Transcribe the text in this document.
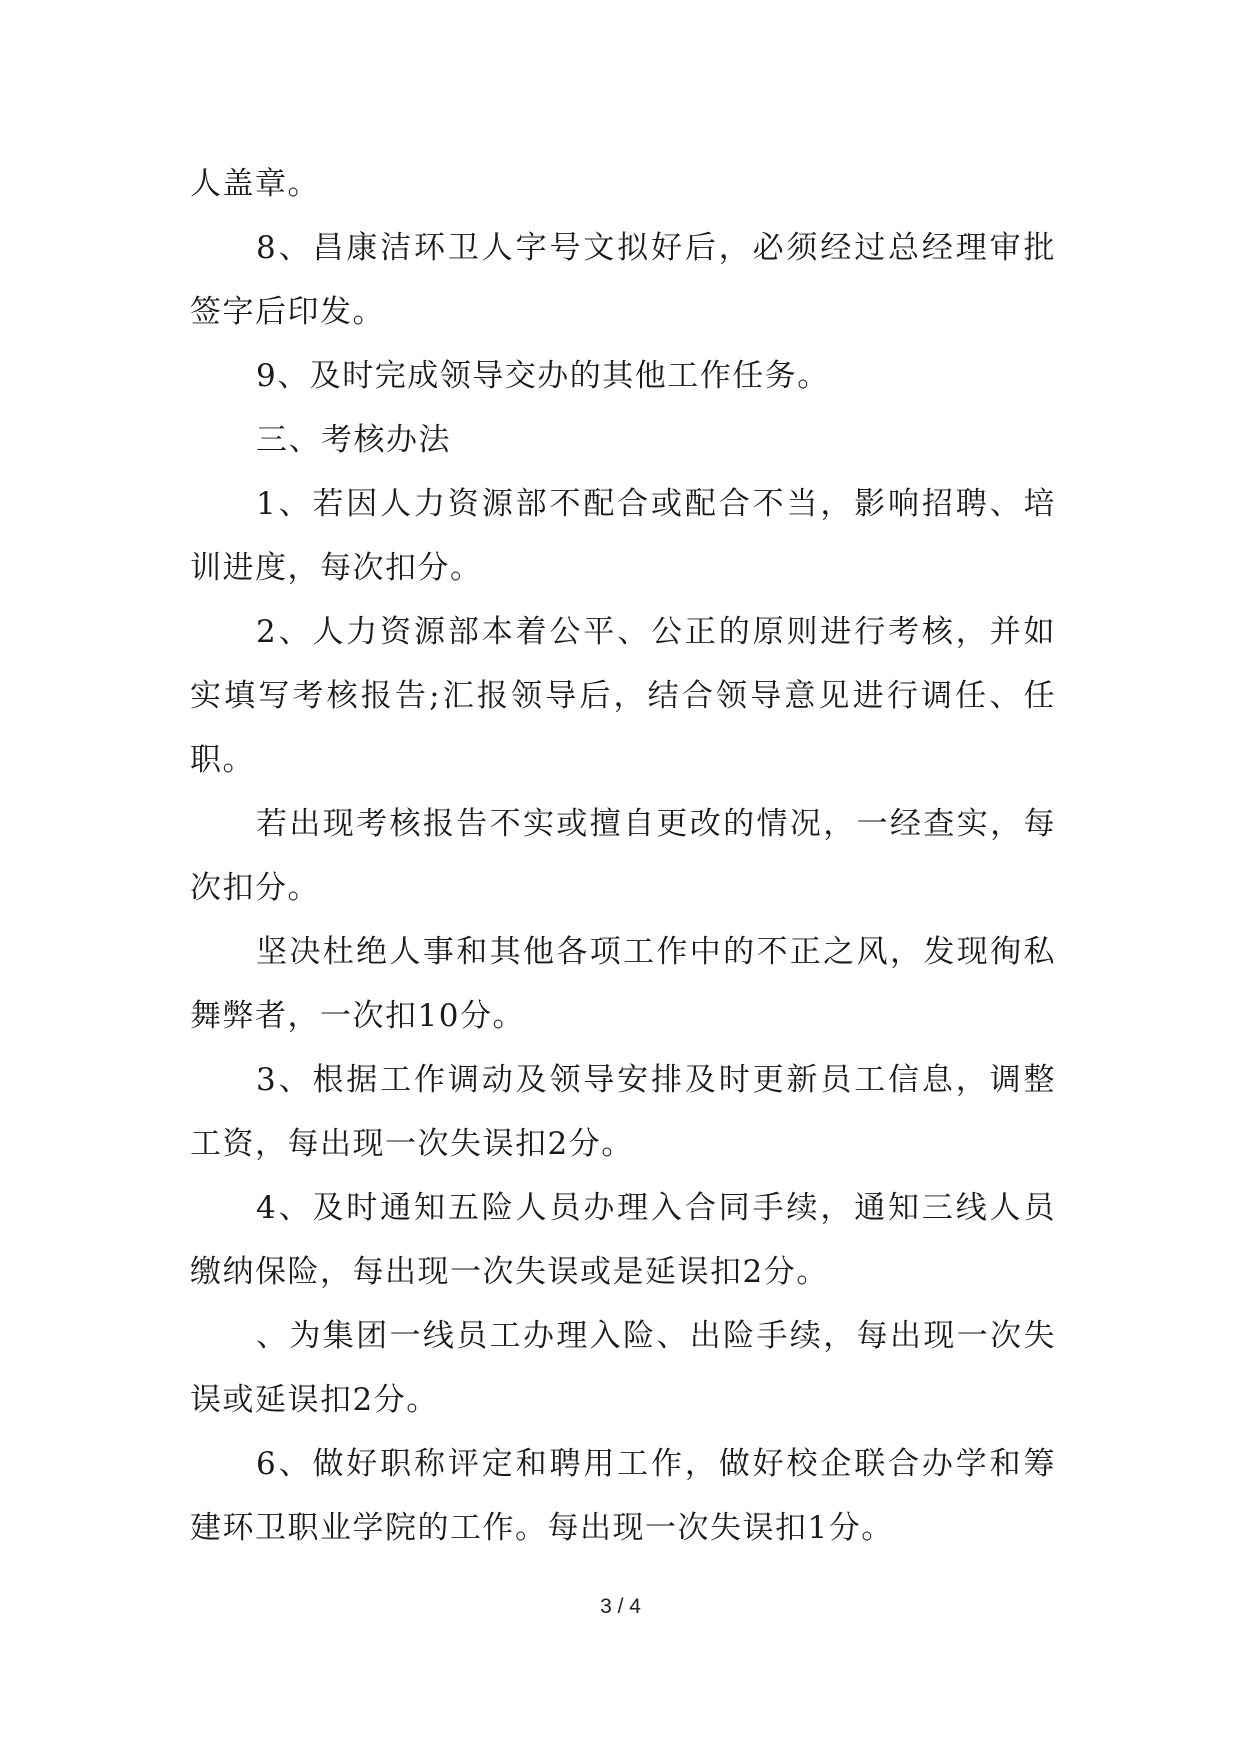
人盖章。

8、昌康洁环卫人字号文拟好后，必须经过总经理审批签字后印发。

9、及时完成领导交办的其他工作任务。

三、考核办法

1、若因人力资源部不配合或配合不当，影响招聘、培训进度，每次扣分。

2、人力资源部本着公平、公正的原则进行考核，并如实填写考核报告;汇报领导后，结合领导意见进行调任、任职。

若出现考核报告不实或擅自更改的情况，一经查实，每次扣分。

坚决杜绝人事和其他各项工作中的不正之风，发现徇私舞弊者，一次扣10分。

3、根据工作调动及领导安排及时更新员工信息，调整工资，每出现一次失误扣2分。

4、及时通知五险人员办理入合同手续，通知三线人员缴纳保险，每出现一次失误或是延误扣2分。

、为集团一线员工办理入险、出险手续，每出现一次失误或延误扣2分。

6、做好职称评定和聘用工作，做好校企联合办学和筹建环卫职业学院的工作。每出现一次失误扣1分。

3 / 4
